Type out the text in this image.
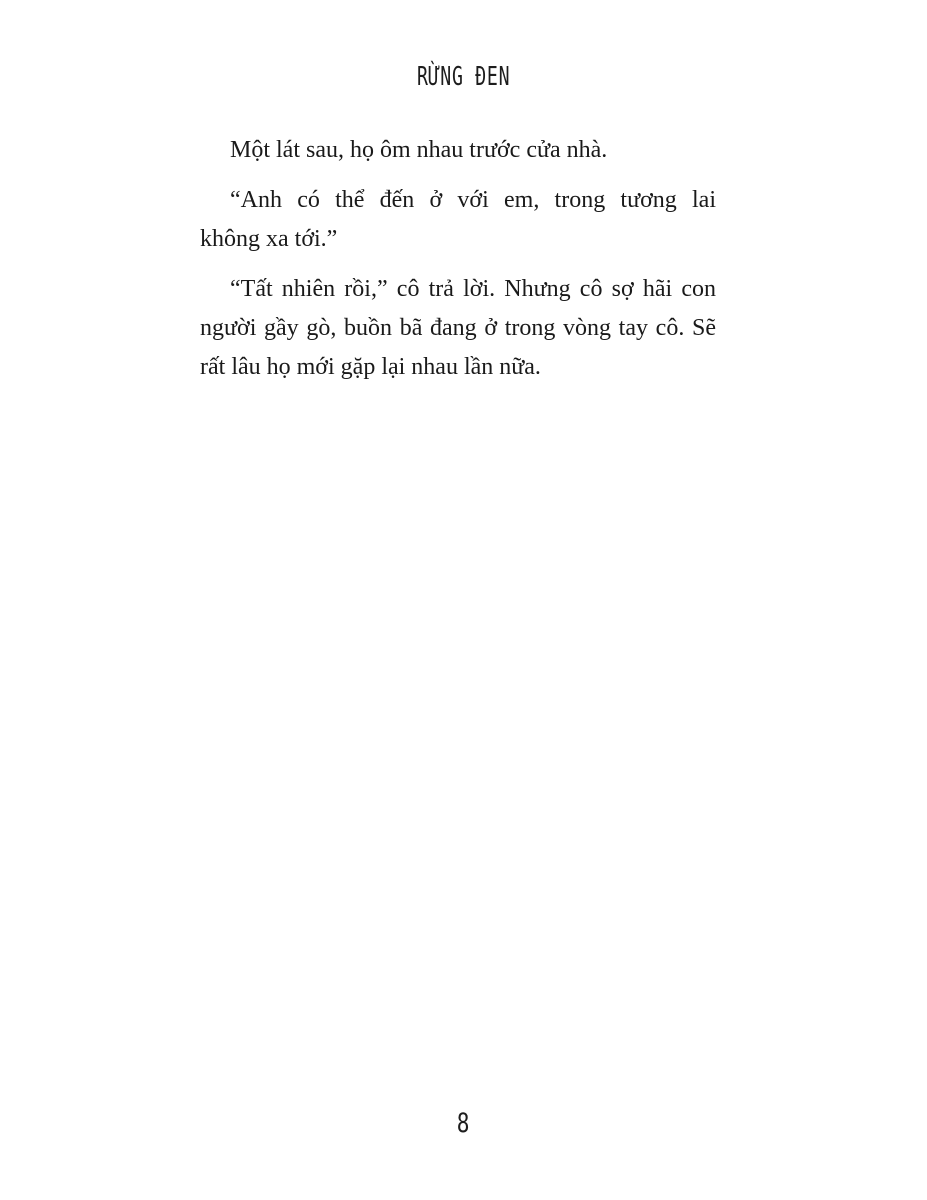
RỪNG ĐEN

Một lát sau, họ ôm nhau trước cửa nhà.

“Anh có thể đến ở với em, trong tương lai
không xa tới.”

“Tất nhiên rồi,” cô trả lời. Nhưng cô sợ hãi con
người gầy gò, buồn bã đang ở trong vòng tay cô. Sẽ
rất lâu họ mới gặp lại nhau lần nữa.

8
